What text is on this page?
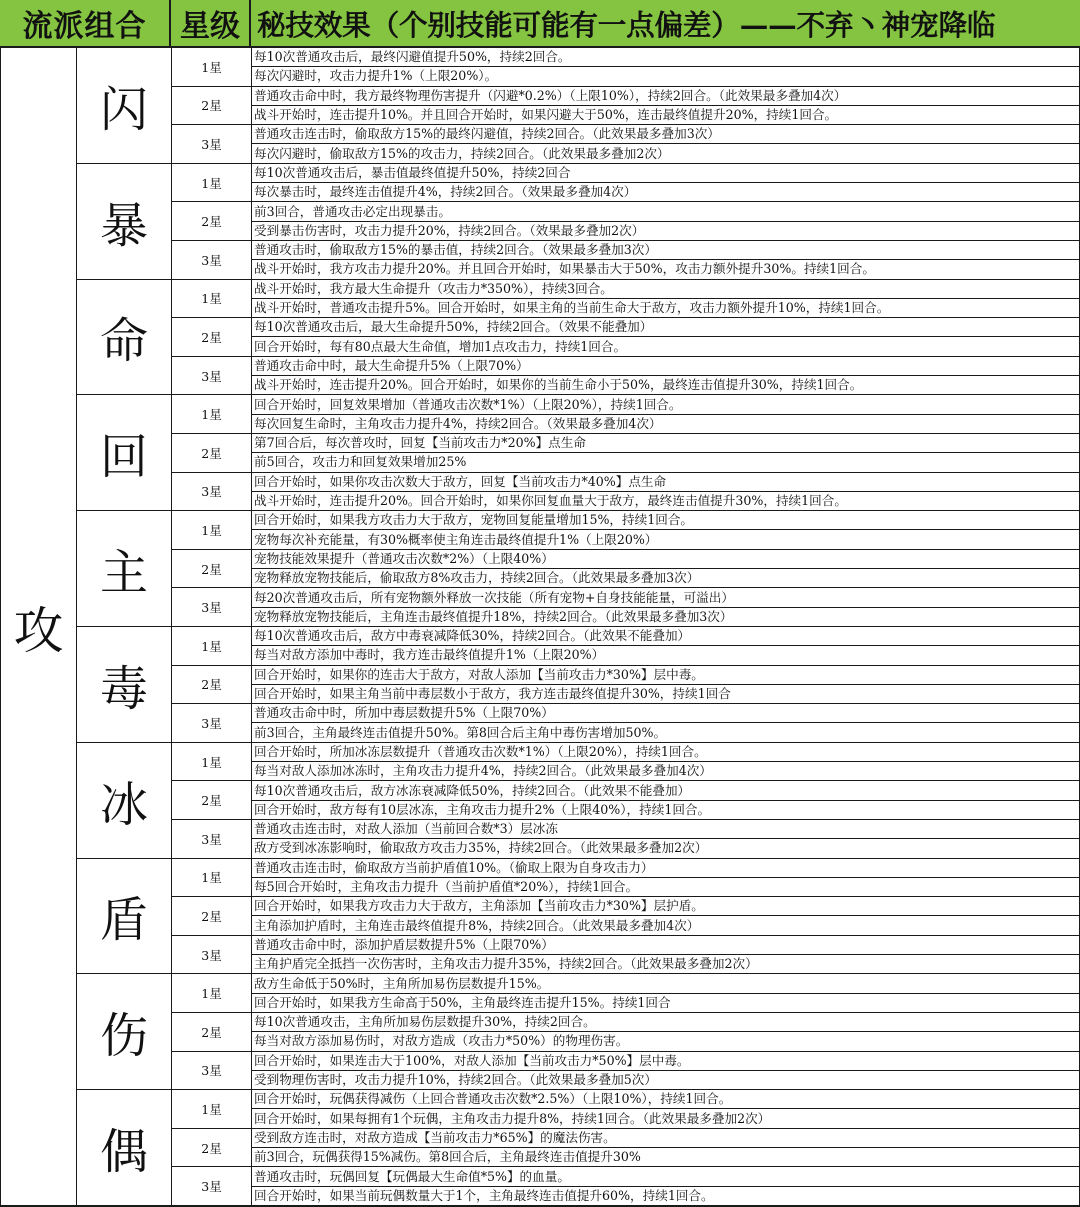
流派组合	星级 秘技效果（个别技能可能有一点偏差）——不弃丶神宠降临
攻
闪
1星
2星
3星
每10次普通攻击后，最终闪避值提升50%，持续2回合。
每次闪避时，攻击力提升1%（上限20%）。
普通攻击命中时，我方最终物理伤害提升（闪避*0.2%）（上限10%），持续2回合。（此效果最多叠加4次）
战斗开始时，连击提升10%。并且回合开始时，如果闪避大于50%，连击最终值提升20%，持续1回合。
普通攻击连击时，偷取敌方15%的最终闪避值，持续2回合。（此效果最多叠加3次）
每次闪避时，偷取敌方15%的攻击力，持续2回合。（此效果最多叠加2次）
暴
1星
2星
3星
每10次普通攻击后，暴击值最终值提升50%，持续2回合
每次暴击时，最终连击值提升4%，持续2回合。（效果最多叠加4次）
前3回合，普通攻击必定出现暴击。
受到暴击伤害时，攻击力提升20%，持续2回合。（效果最多叠加2次）
普通攻击时，偷取敌方15%的暴击值，持续2回合。（效果最多叠加3次）
战斗开始时，我方攻击力提升20%。并且回合开始时，如果暴击大于50%，攻击力额外提升30%。持续1回合。
命
1星
2星
3星
战斗开始时，我方最大生命提升（攻击力*350%），持续3回合。
战斗开始时，普通攻击提升5%。回合开始时，如果主角的当前生命大于敌方，攻击力额外提升10%，持续1回合。
每10次普通攻击后，最大生命提升50%，持续2回合。（效果不能叠加）
回合开始时，每有80点最大生命值，增加1点攻击力，持续1回合。
普通攻击命中时，最大生命提升5%（上限70%）
战斗开始时，连击提升20%。回合开始时，如果你的当前生命小于50%，最终连击值提升30%，持续1回合。
回
1星
2星
3星
回合开始时，回复效果增加（普通攻击次数*1%）（上限20%），持续1回合。
每次回复生命时，主角攻击力提升4%，持续2回合。（效果最多叠加4次）
第7回合后，每次普攻时，回复【当前攻击力*20%】点生命
前5回合，攻击力和回复效果增加25%
回合开始时，如果你攻击次数大于敌方，回复【当前攻击力*40%】点生命
战斗开始时，连击提升20%。回合开始时，如果你回复血量大于敌方，最终连击值提升30%，持续1回合。
主
1星
2星
3星
回合开始时，如果我方攻击力大于敌方，宠物回复能量增加15%，持续1回合。
宠物每次补充能量，有30%概率使主角连击最终值提升1%（上限20%）
宠物技能效果提升（普通攻击次数*2%）（上限40%）
宠物释放宠物技能后，偷取敌方8%攻击力，持续2回合。（此效果最多叠加3次）
每20次普通攻击后，所有宠物额外释放一次技能（所有宠物+自身技能能量，可溢出）
宠物释放宠物技能后，主角连击最终值提升18%，持续2回合。（此效果最多叠加3次）
毒
1星
2星
3星
每10次普通攻击后，敌方中毒衰减降低30%，持续2回合。（此效果不能叠加）
每当对敌方添加中毒时，我方连击最终值提升1%（上限20%）
回合开始时，如果你的连击大于敌方，对敌人添加【当前攻击力*30%】层中毒。
回合开始时，如果主角当前中毒层数小于敌方，我方连击最终值提升30%，持续1回合
普通攻击命中时，所加中毒层数提升5%（上限70%）
前3回合，主角最终连击值提升50%。第8回合后主角中毒伤害增加50%。
冰
1星
2星
3星
回合开始时，所加冰冻层数提升（普通攻击次数*1%）（上限20%），持续1回合。
每当对敌人添加冰冻时，主角攻击力提升4%，持续2回合。（此效果最多叠加4次）
每10次普通攻击后，敌方冰冻衰减降低50%，持续2回合。（此效果不能叠加）
回合开始时，敌方每有10层冰冻，主角攻击力提升2%（上限40%），持续1回合。
普通攻击连击时，对敌人添加（当前回合数*3）层冰冻
敌方受到冰冻影响时，偷取敌方攻击力35%，持续2回合。（此效果最多叠加2次）
盾
1星
2星
3星
普通攻击连击时，偷取敌方当前护盾值10%。（偷取上限为自身攻击力）
每5回合开始时，主角攻击力提升（当前护盾值*20%），持续1回合。
回合开始时，如果我方攻击力大于敌方，主角添加【当前攻击力*30%】层护盾。
主角添加护盾时，主角连击最终值提升8%，持续2回合。（此效果最多叠加4次）
普通攻击命中时，添加护盾层数提升5%（上限70%）
主角护盾完全抵挡一次伤害时，主角攻击力提升35%，持续2回合。（此效果最多叠加2次）
伤
1星
2星
3星
敌方生命低于50%时，主角所加易伤层数提升15%。
回合开始时，如果我方生命高于50%，主角最终连击提升15%。持续1回合
每10次普通攻击，主角所加易伤层数提升30%，持续2回合。
每当对敌方添加易伤时，对敌方造成（攻击力*50%）的物理伤害。
回合开始时，如果连击大于100%，对敌人添加【当前攻击力*50%】层中毒。
受到物理伤害时，攻击力提升10%，持续2回合。（此效果最多叠加5次）
偶
1星
2星
3星
回合开始时，玩偶获得减伤（上回合普通攻击次数*2.5%）（上限10%），持续1回合。
回合开始时，如果每拥有1个玩偶，主角攻击力提升8%，持续1回合。（此效果最多叠加2次）
受到敌方连击时，对敌方造成【当前攻击力*65%】的魔法伤害。
前3回合，玩偶获得15%减伤。第8回合后，主角最终连击值提升30%
普通攻击时，玩偶回复【玩偶最大生命值*5%】的血量。
回合开始时，如果当前玩偶数量大于1个，主角最终连击值提升60%，持续1回合。
